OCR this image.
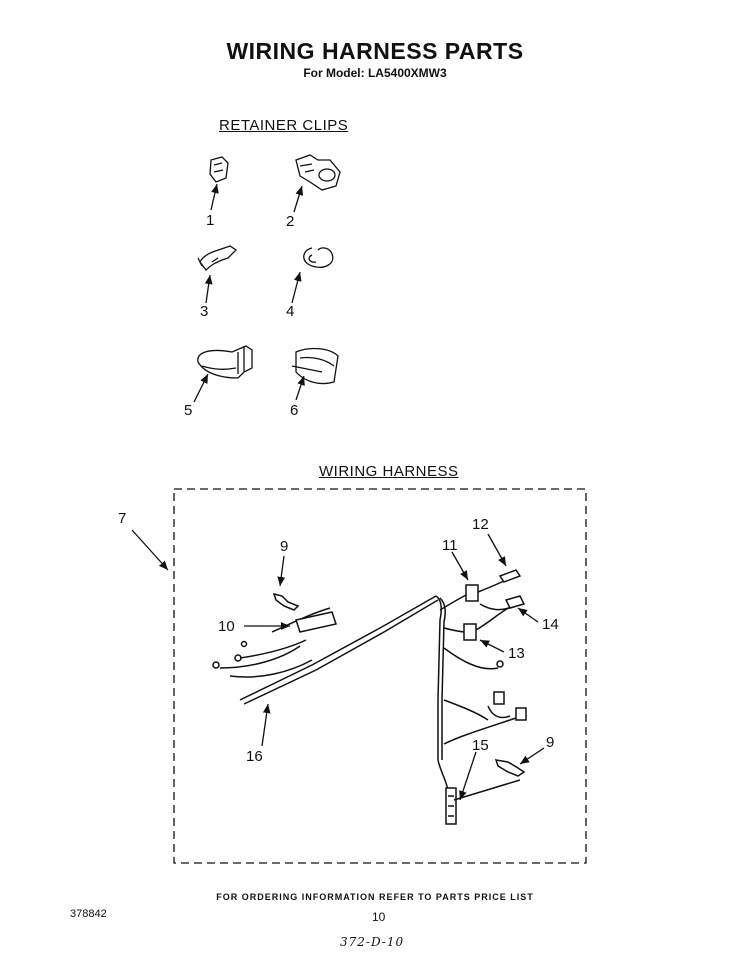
WIRING HARNESS PARTS
For Model: LA5400XMW3
RETAINER CLIPS
WIRING HARNESS
1	2
3	4
5	6
7
9
10
11
12
13
14
15
16
9
FOR ORDERING INFORMATION REFER TO PARTS PRICE LIST
378842	10
372-D-10
